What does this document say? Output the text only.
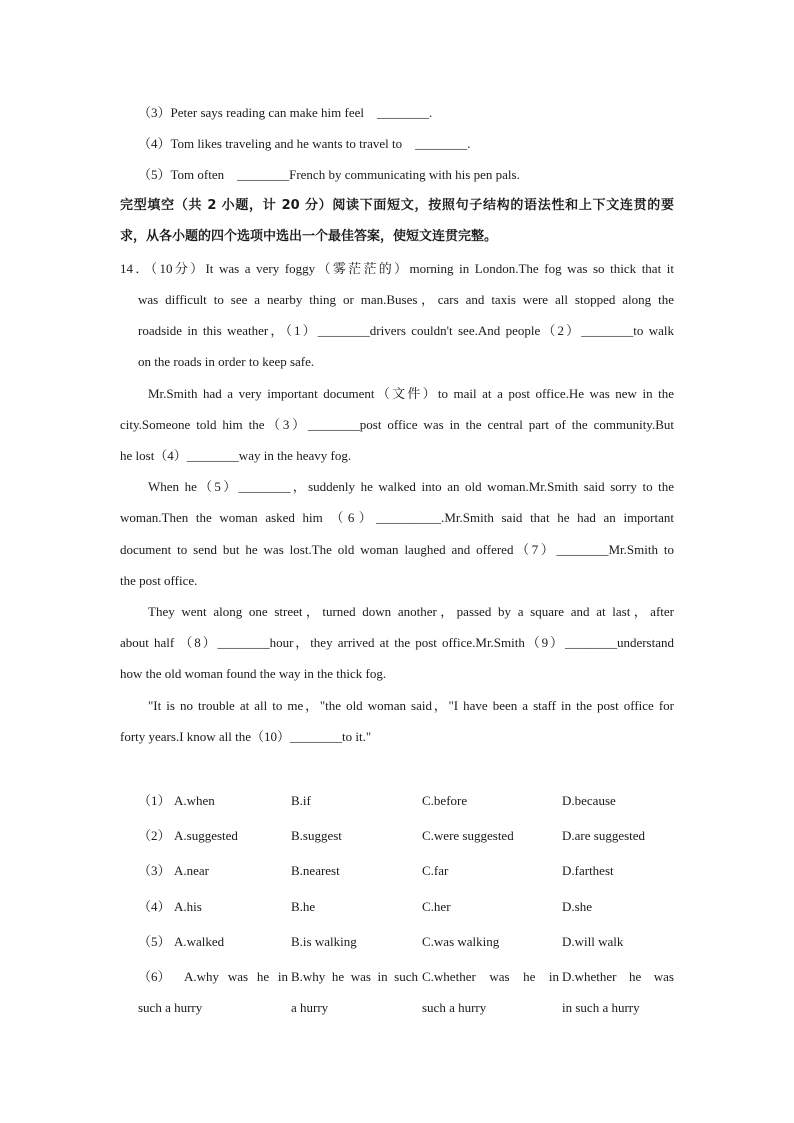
（3）Peter says reading can make him feel　________.
（4）Tom likes traveling and he wants to travel to　________.
（5）Tom often　________French by communicating with his pen pals.
完型填空（共 2 小题，计 20 分）阅读下面短文，按照句子结构的语法性和上下文连贯的要
求，从各小题的四个选项中选出一个最佳答案，使短文连贯完整。
14．（10分）It was a very foggy（雾茫茫的）morning in London.The fog was so thick that it
was difficult to see a nearby thing or man.Buses，cars and taxis were all stopped along the
roadside in this weather，（1）________drivers couldn't see.And people（2）________to walk
on the roads in order to keep safe.
Mr.Smith had a very important document（文件）to mail at a post office.He was new in the
city.Someone told him the（3）________post office was in the central part of the community.But
he lost（4）________way in the heavy fog.
When he（5）________，suddenly he walked into an old woman.Mr.Smith said sorry to the
woman.Then the woman asked him （6）__________.Mr.Smith said that he had an important
document to send but he was lost.The old woman laughed and offered（7）________Mr.Smith to
the post office.
They went along one street，turned down another，passed by a square and at last，after
about half （8）________hour，they arrived at the post office.Mr.Smith（9）________understand
how the old woman found the way in the thick fog.
"It is no trouble at all to me，"the old woman said，"I have been a staff in the post office for
forty years.I know all the（10）________to it."
（1） A.when	B.if	C.before	D.because
（2） A.suggested	B.suggest	C.were suggested	D.are suggested
（3） A.near	B.nearest	C.far	D.farthest
（4） A.his	B.he	C.her	D.she
（5） A.walked	B.is walking	C.was walking	D.will walk
（6） A.why was he in
such a hurry
B.why he was in such
a hurry
C.whether was he in
such a hurry
D.whether he was
in such a hurry
